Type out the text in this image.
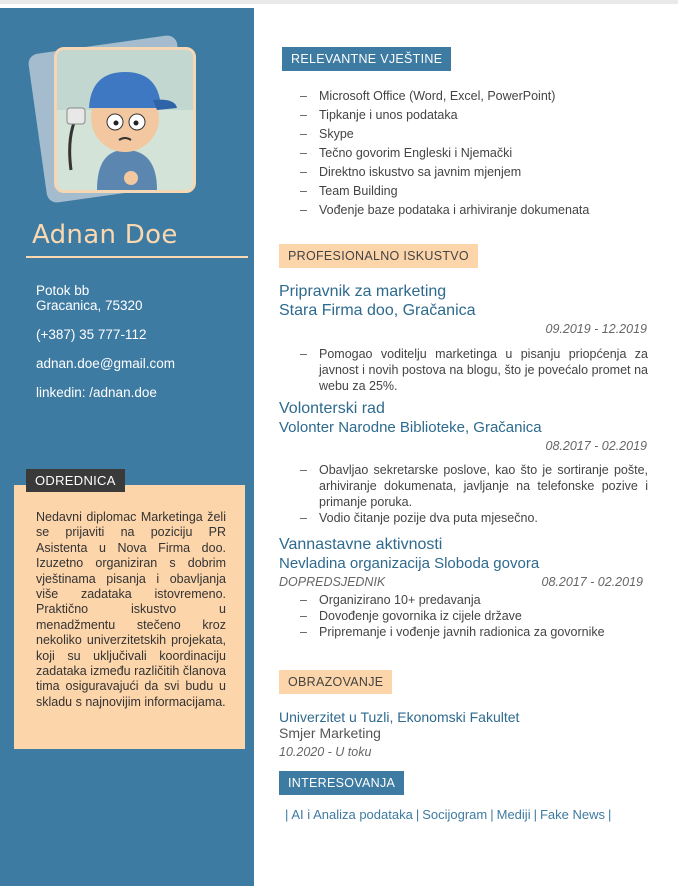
Adnan Doe
Potok bb
Gracanica, 75320
(+387) 35 777-112
adnan.doe@gmail.com
linkedin: /adnan.doe
ODREDNICA
Nedavni diplomac Marketinga želi se prijaviti na poziciju PR Asistenta u Nova Firma doo. Izuzetno organiziran s dobrim vještinama pisanja i obavljanja više zadataka istovremeno. Praktično iskustvo u menadžmentu stečeno kroz nekoliko univerzitetskih projekata, koji su uključivali koordinaciju zadataka između različitih članova tima osiguravajući da svi budu u skladu s najnovijim informacijama.
RELEVANTNE VJEŠTINE
– Microsoft Office (Word, Excel, PowerPoint)
– Tipkanje i unos podataka
– Skype
– Tečno govorim Engleski i Njemački
– Direktno iskustvo sa javnim mjenjem
– Team Building
– Vođenje baze podataka i arhiviranje dokumenata
PROFESIONALNO ISKUSTVO
Pripravnik za marketing
Stara Firma doo, Gračanica
09.2019 - 12.2019
– Pomogao voditelju marketinga u pisanju priopćenja za javnost i novih postova na blogu, što je povećalo promet na webu za 25%.
Volonterski rad
Volonter Narodne Biblioteke, Gračanica
08.2017 - 02.2019
– Obavljao sekretarske poslove, kao što je sortiranje pošte, arhiviranje dokumenata, javljanje na telefonske pozive i primanje poruka.
– Vodio čitanje pozije dva puta mjesečno.
Vannastavne aktivnosti
Nevladina organizacija Sloboda govora
DOPREDSJEDNIK	08.2017 - 02.2019
– Organizirano 10+ predavanja
– Dovođenje govornika iz cijele države
– Pripremanje i vođenje javnih radionica za govornike
OBRAZOVANJE
Univerzitet u Tuzli, Ekonomski Fakultet
Smjer Marketing
10.2020 - U toku
INTERESOVANJA
| AI i Analiza podataka | Socijogram | Mediji | Fake News |
